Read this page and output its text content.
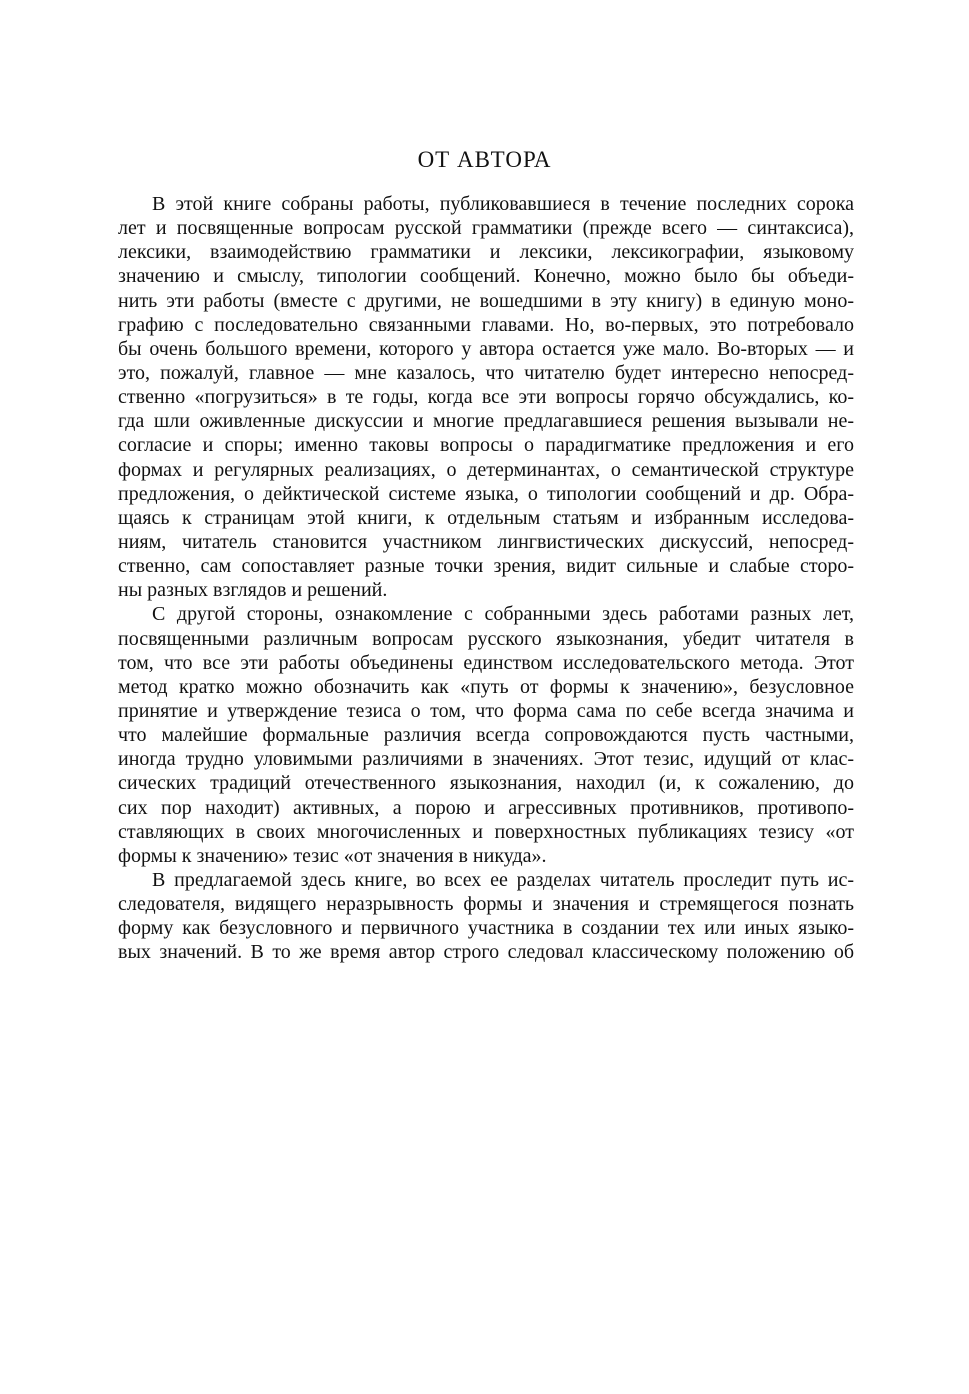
ОТ АВТОРА
В этой книге собраны работы, публиковавшиеся в течение последних сорока
лет и посвященные вопросам русской грамматики (прежде всего — синтаксиса),
лексики, взаимодействию грамматики и лексики, лексикографии, языковому
значению и смыслу, типологии сообщений. Конечно, можно было бы объеди-
нить эти работы (вместе с другими, не вошедшими в эту книгу) в единую моно-
графию с последовательно связанными главами. Но, во-первых, это потребовало
бы очень большого времени, которого у автора остается уже мало. Во-вторых — и
это, пожалуй, главное — мне казалось, что читателю будет интересно непосред-
ственно «погрузиться» в те годы, когда все эти вопросы горячо обсуждались, ко-
гда шли оживленные дискуссии и многие предлагавшиеся решения вызывали не-
согласие и споры; именно таковы вопросы о парадигматике предложения и его
формах и регулярных реализациях, о детерминантах, о семантической структуре
предложения, о дейктической системе языка, о типологии сообщений и др. Обра-
щаясь к страницам этой книги, к отдельным статьям и избранным исследова-
ниям, читатель становится участником лингвистических дискуссий, непосред-
ственно, сам сопоставляет разные точки зрения, видит сильные и слабые сторо-
ны разных взглядов и решений.
С другой стороны, ознакомление с собранными здесь работами разных лет,
посвященными различным вопросам русского языкознания, убедит читателя в
том, что все эти работы объединены единством исследовательского метода. Этот
метод кратко можно обозначить как «путь от формы к значению», безусловное
принятие и утверждение тезиса о том, что форма сама по себе всегда значима и
что малейшие формальные различия всегда сопровождаются пусть частными,
иногда трудно уловимыми различиями в значениях. Этот тезис, идущий от клас-
сических традиций отечественного языкознания, находил (и, к сожалению, до
сих пор находит) активных, а порою и агрессивных противников, противопо-
ставляющих в своих многочисленных и поверхностных публикациях тезису «от
формы к значению» тезис «от значения в никуда».
В предлагаемой здесь книге, во всех ее разделах читатель проследит путь ис-
следователя, видящего неразрывность формы и значения и стремящегося познать
форму как безусловного и первичного участника в создании тех или иных языко-
вых значений. В то же время автор строго следовал классическому положению об
